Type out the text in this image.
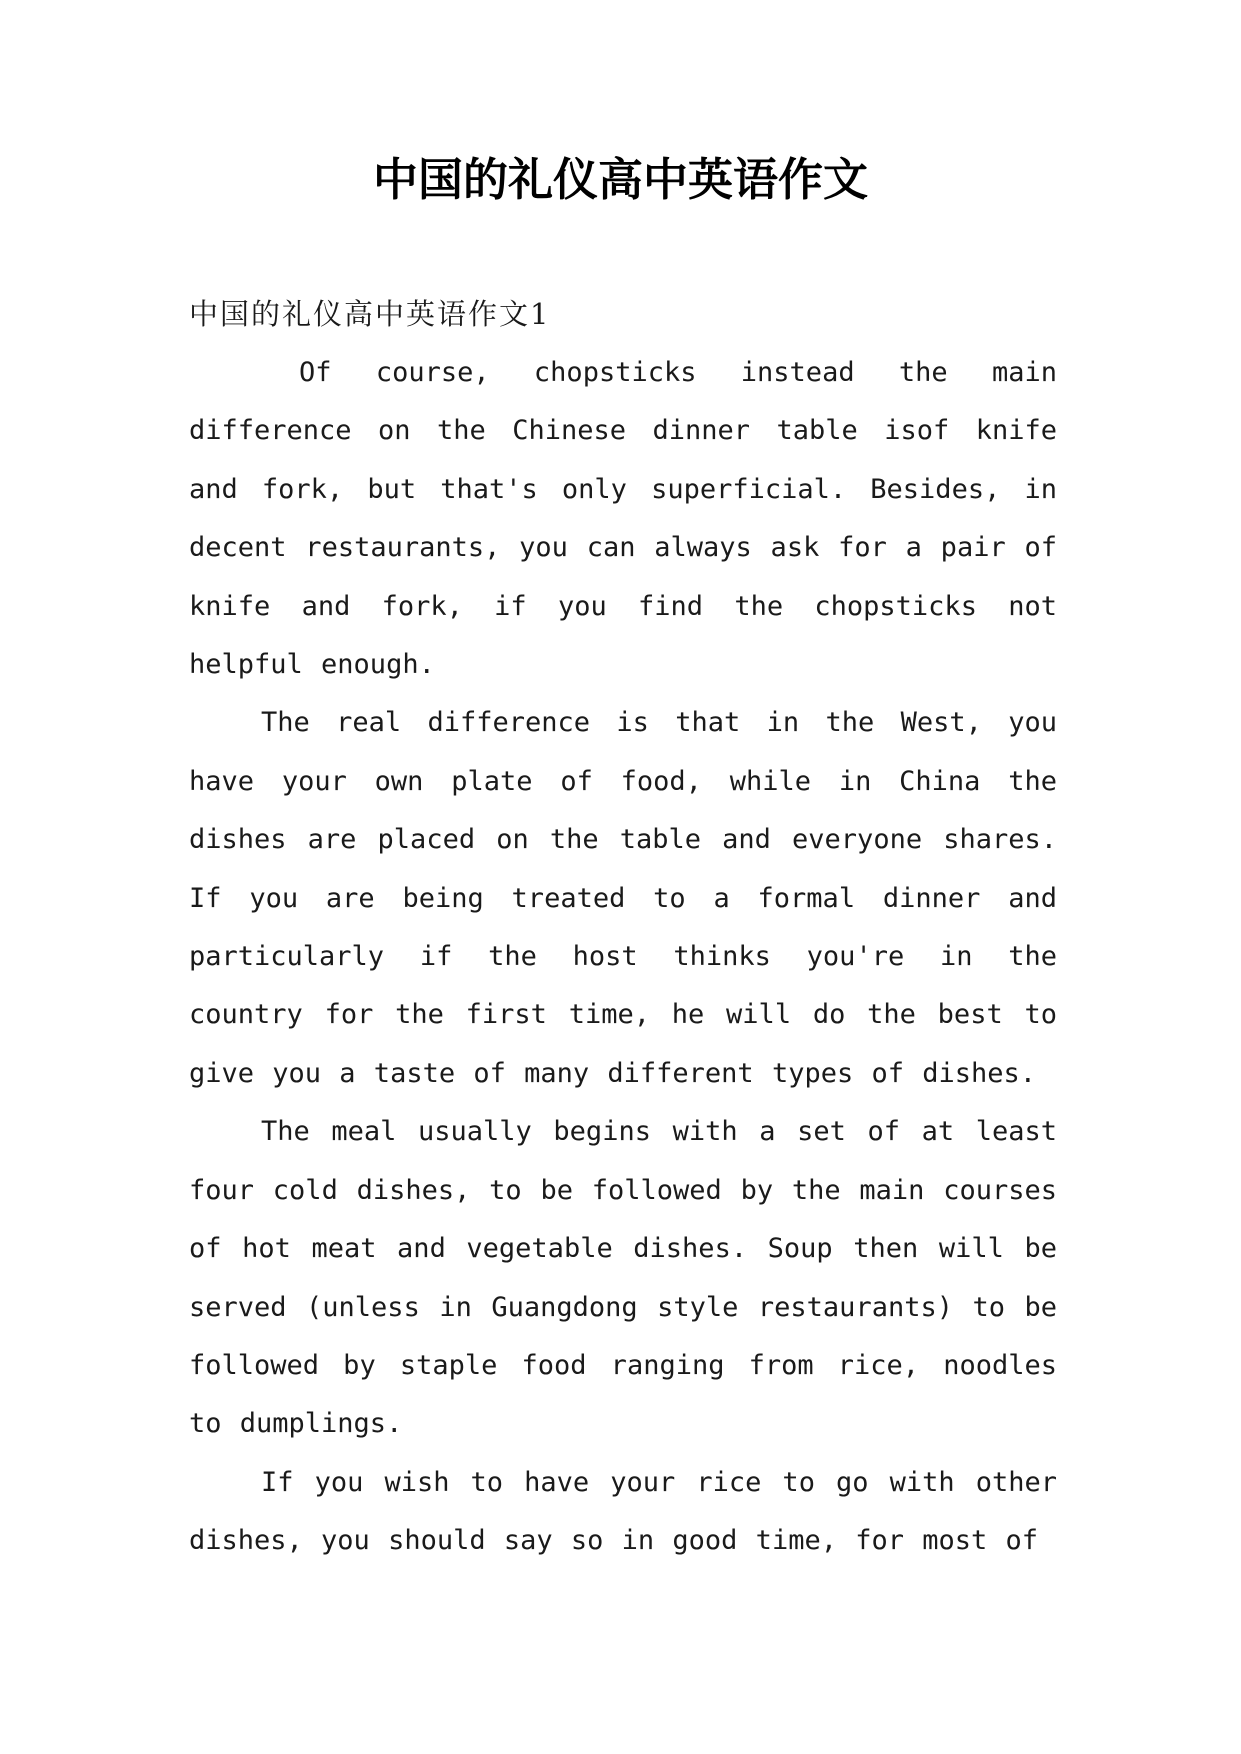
中国的礼仪高中英语作文

中国的礼仪高中英语作文1

Of course, chopsticks instead the main difference on the Chinese dinner table isof knife and fork, but that's only superficial. Besides, in decent restaurants, you can always ask for a pair of knife and fork, if you find the chopsticks not helpful enough.

The real difference is that in the West, you have your own plate of food, while in China the dishes are placed on the table and everyone shares. If you are being treated to a formal dinner and particularly if the host thinks you're in the country for the first time, he will do the best to give you a taste of many different types of dishes.

The meal usually begins with a set of at least four cold dishes, to be followed by the main courses of hot meat and vegetable dishes. Soup then will be served (unless in Guangdong style restaurants) to be followed by staple food ranging from rice, noodles to dumplings.

If you wish to have your rice to go with other dishes, you should say so in good time, for most of
